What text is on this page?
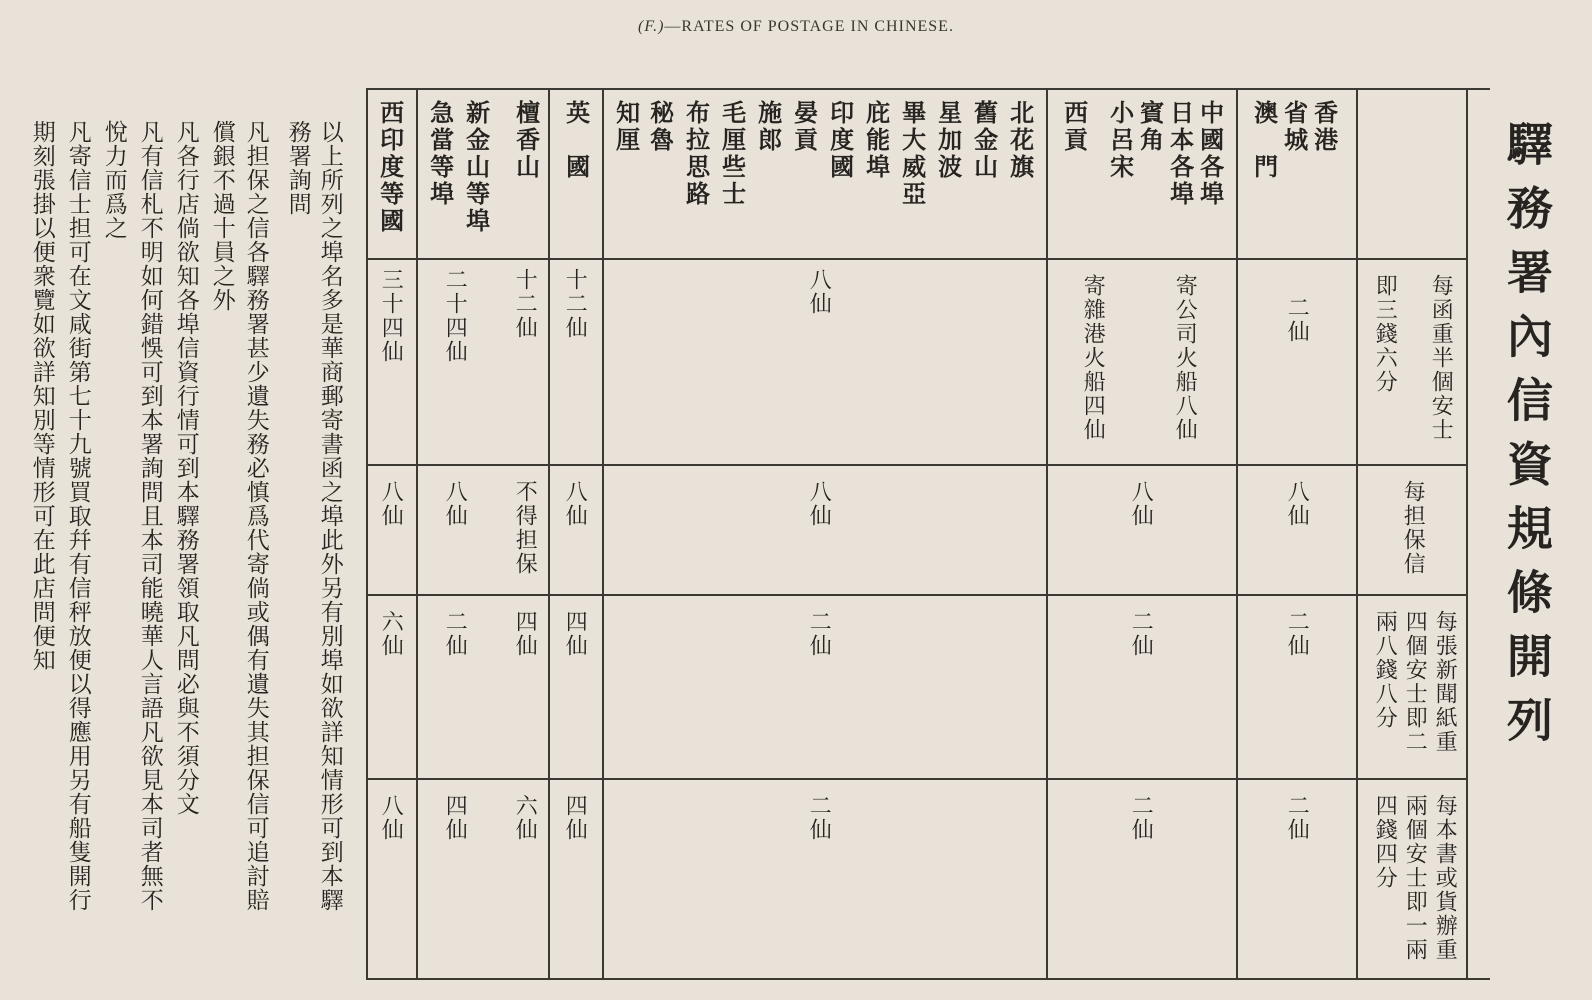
(F.)—RATES OF POSTAGE IN CHINESE.
驛務署內信資規條開列
以上所列之埠名多是華商郵寄書函之埠此外另有別埠如欲詳知情形可到本驛
務署詢問
凡担保之信各驛務署甚少遺失務必慎爲代寄倘或偶有遺失其担保信可追討賠
償銀不過十員之外
凡各行店倘欲知各埠信資行情可到本驛務署領取凡問必與不須分文
凡有信札不明如何錯悞可到本署詢問且本司能曉華人言語凡欲見本司者無不
悅力而爲之
凡寄信士担可在文咸街第七十九號買取幷有信秤放便以得應用另有船隻開行
期刻張掛以便衆覽如欲詳知別等情形可在此店問便知	每函重半個安士
即三錢六分
每担保信
每張新聞紙重
四個安士即二
兩八錢八分
每本書或貨辦重
兩個安士即一兩
四錢四分
香港
省城
澳　門
二仙
八仙
二仙
二仙
中國各埠
日本各埠
賓角
小呂宋
西貢
寄公司火船八仙
寄雜港火船四仙
八仙
二仙
二仙
北花旗
舊金山
星加波
畢大威亞
庇能埠
印度國
晏貢
施郎
毛厘些士
布拉思路
秘魯
知厘
八仙
八仙
二仙
二仙
英　國
十二仙
八仙
四仙
四仙
檀香山
十二仙
不得担保
四仙
六仙
新金山等埠
急當等埠
二十四仙
八仙
二仙
四仙
西印度等國
三十四仙
八仙
六仙
八仙
